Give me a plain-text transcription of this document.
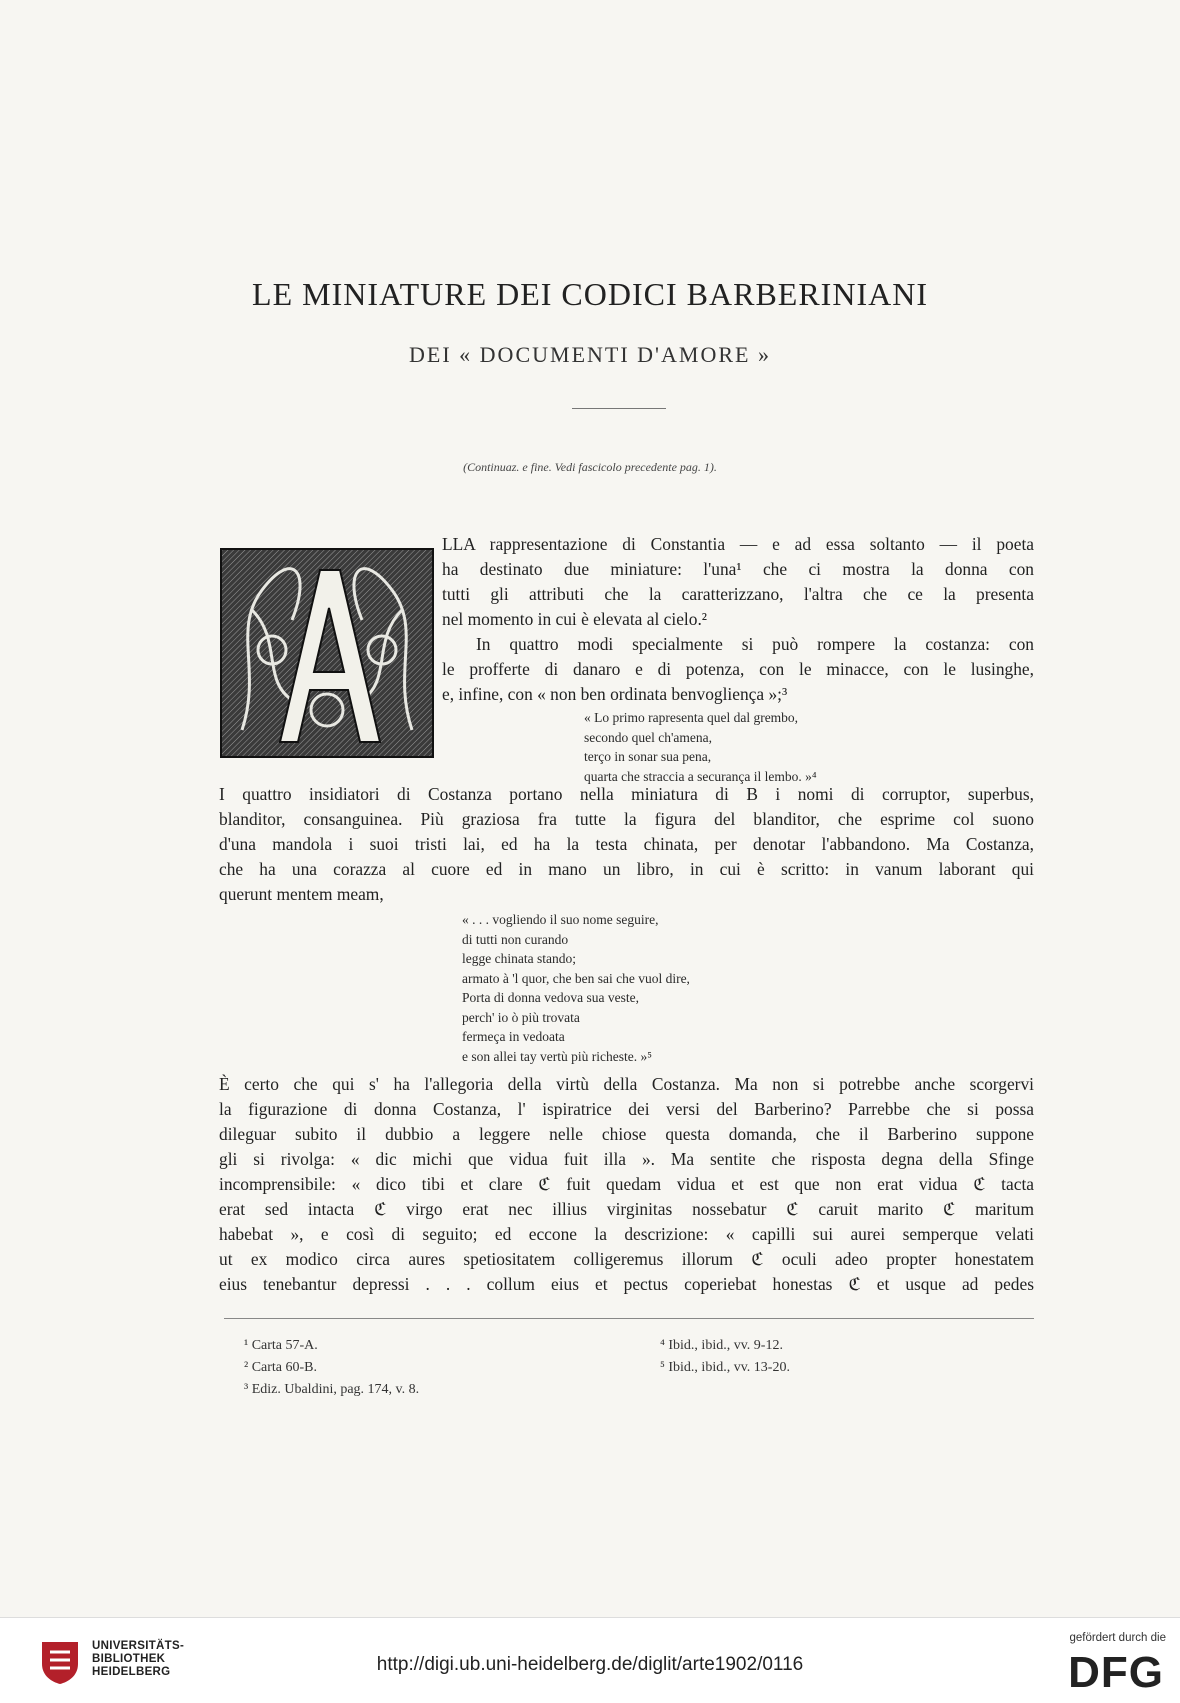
LE MINIATURE DEI CODICI BARBERINIANI
DEI « DOCUMENTI D'AMORE »
(Continuaz. e fine. Vedi fascicolo precedente pag. 1).
LLA rappresentazione di Constantia — e ad essa soltanto — il poeta
ha destinato due miniature: l'una¹ che ci mostra la donna con
tutti gli attributi che la caratterizzano, l'altra che ce la presenta
nel momento in cui è elevata al cielo.²
In quattro modi specialmente si può rompere la costanza: con
le profferte di danaro e di potenza, con le minacce, con le lusinghe,
e, infine, con « non ben ordinata benvogliença »;³
« Lo primo rapresenta quel dal grembo,
secondo quel ch'amena,
terço in sonar sua pena,
quarta che straccia a securança il lembo. »⁴
I quattro insidiatori di Costanza portano nella miniatura di B i nomi di corruptor, superbus,
blanditor, consanguinea. Più graziosa fra tutte la figura del blanditor, che esprime col suono
d'una mandola i suoi tristi lai, ed ha la testa chinata, per denotar l'abbandono. Ma Costanza,
che ha una corazza al cuore ed in mano un libro, in cui è scritto: in vanum laborant qui
querunt mentem meam,
« . . . vogliendo il suo nome seguire,
di tutti non curando
legge chinata stando;
armato à 'l quor, che ben sai che vuol dire,
Porta di donna vedova sua veste,
perch' io ò più trovata
fermeça in vedoata
e son allei tay vertù più richeste. »⁵
È certo che qui s' ha l'allegoria della virtù della Costanza. Ma non si potrebbe anche scorgervi
la figurazione di donna Costanza, l' ispiratrice dei versi del Barberino? Parrebbe che si possa
dileguar subito il dubbio a leggere nelle chiose questa domanda, che il Barberino suppone
gli si rivolga: « dic michi que vidua fuit illa ». Ma sentite che risposta degna della Sfinge
incomprensibile: « dico tibi et clare ℭ fuit quedam vidua et est que non erat vidua ℭ tacta
erat sed intacta ℭ virgo erat nec illius virginitas nossebatur ℭ caruit marito ℭ maritum
habebat », e così di seguito; ed eccone la descrizione: « capilli sui aurei semperque velati
ut ex modico circa aures spetiositatem colligeremus illorum ℭ oculi adeo propter honestatem
eius tenebantur depressi . . . collum eius et pectus coperiebat honestas ℭ et usque ad pedes
¹ Carta 57-A.
² Carta 60-B.
³ Ediz. Ubaldini, pag. 174, v. 8.
⁴ Ibid., ibid., vv. 9-12.
⁵ Ibid., ibid., vv. 13-20.
UNIVERSITÄTS-
BIBLIOTHEK
HEIDELBERG	http://digi.ub.uni-heidelberg.de/diglit/arte1902/0116
gefördert durch die
DFG
